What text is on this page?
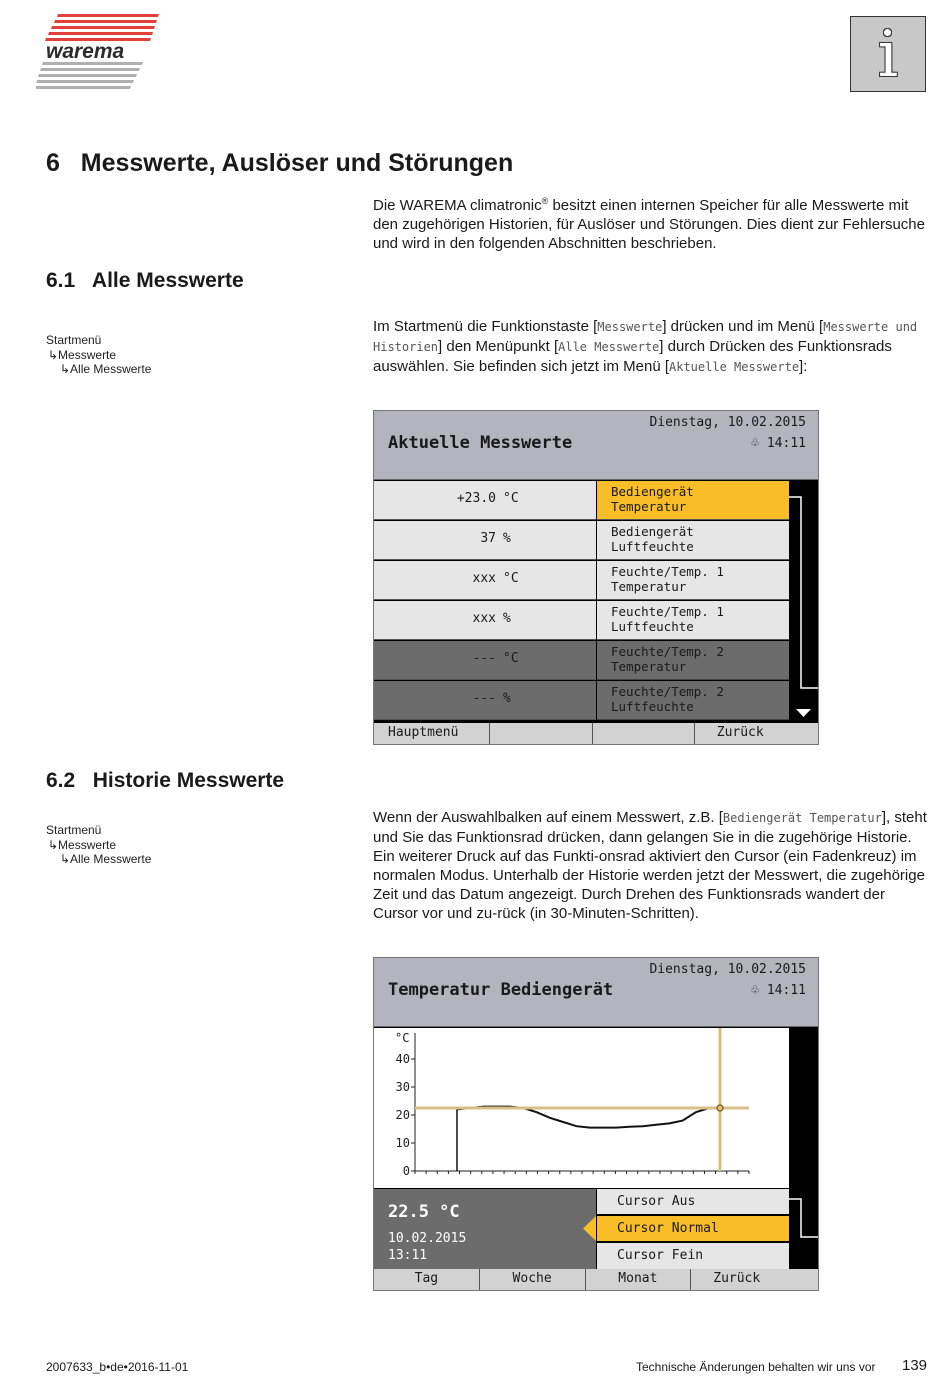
warema	i
6   Messwerte, Auslöser und Störungen

Die WAREMA climatronic® besitzt einen internen Speicher für alle Messwerte mit den zugehörigen Historien, für Auslöser und Störungen. Dies dient zur Fehlersuche und wird in den folgenden Abschnitten beschrieben.

6.1   Alle Messwerte
Startmenü
↳Messwerte
↳Alle Messwerte

Im Startmenü die Funktionstaste [Messwerte] drücken und im Menü [Messwerte und Historien] den Menüpunkt [Alle Messwerte] durch Drücken des Funktionsrads auswählen. Sie befinden sich jetzt im Menü [Aktuelle Messwerte]:

Dienstag, 10.02.2015
♧ 14:11
Aktuelle Messwerte
+23.0 °C	Bediengerät
Temperatur
37 %	Bediengerät
Luftfeuchte
xxx °C	Feuchte/Temp. 1
Temperatur
xxx %	Feuchte/Temp. 1
Luftfeuchte
--- °C	Feuchte/Temp. 2
Temperatur
--- %	Feuchte/Temp. 2
Luftfeuchte
Hauptmenü	Zurück
6.2   Historie Messwerte
Startmenü
↳Messwerte
↳Alle Messwerte

Wenn der Auswahlbalken auf einem Messwert, z.B. [Bediengerät Temperatur], steht und Sie das Funktionsrad drücken, dann gelangen Sie in die zugehörige Historie. Ein weiterer Druck auf das Funkti-onsrad aktiviert den Cursor (ein Fadenkreuz) im normalen Modus. Unterhalb der Historie werden jetzt der Messwert, die zugehörige Zeit und das Datum angezeigt. Durch Drehen des Funktionsrads wandert der Cursor vor und zu-rück (in 30-Minuten-Schritten).

Dienstag, 10.02.2015
♧ 14:11
Temperatur Bediengerät
°C
0
10
20
30
40
22.5 °C
10.02.2015
13:11
Cursor Aus
Cursor Normal
Cursor Fein
Tag	Woche	Monat	Zurück
2007633_b•de•2016-11-01	Technische Änderungen behalten wir uns vor 139
